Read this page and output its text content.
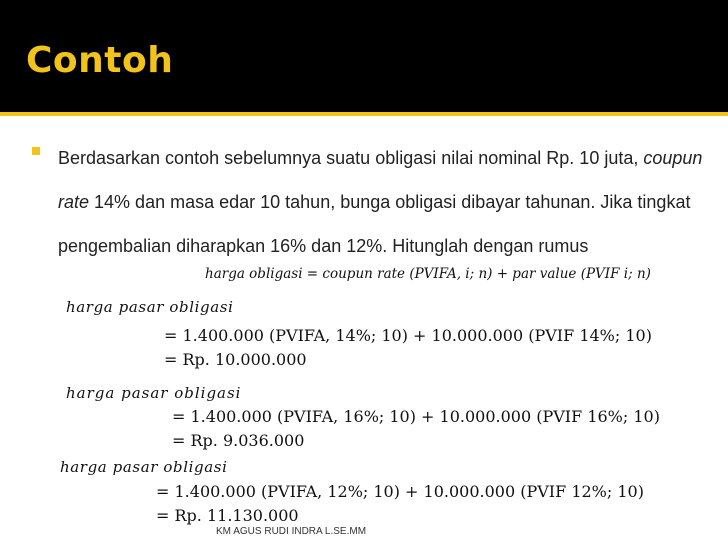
Contoh

Berdasarkan contoh sebelumnya suatu obligasi nilai nominal Rp. 10 juta, coupun rate 14% dan masa edar 10 tahun, bunga obligasi dibayar tahunan. Jika tingkat pengembalian diharapkan 16% dan 12%. Hitunglah dengan rumus

harga obligasi = coupun rate (PVIFA, i; n) + par value (PVIF i; n)
harga pasar obligasi
= 1.400.000 (PVIFA, 14%; 10) + 10.000.000 (PVIF 14%; 10)
= Rp. 10.000.000
harga pasar obligasi
= 1.400.000 (PVIFA, 16%; 10) + 10.000.000 (PVIF 16%; 10)
= Rp. 9.036.000
harga pasar obligasi
= 1.400.000 (PVIFA, 12%; 10) + 10.000.000 (PVIF 12%; 10)
= Rp. 11.130.000
KM AGUS RUDI INDRA L.SE.MM
